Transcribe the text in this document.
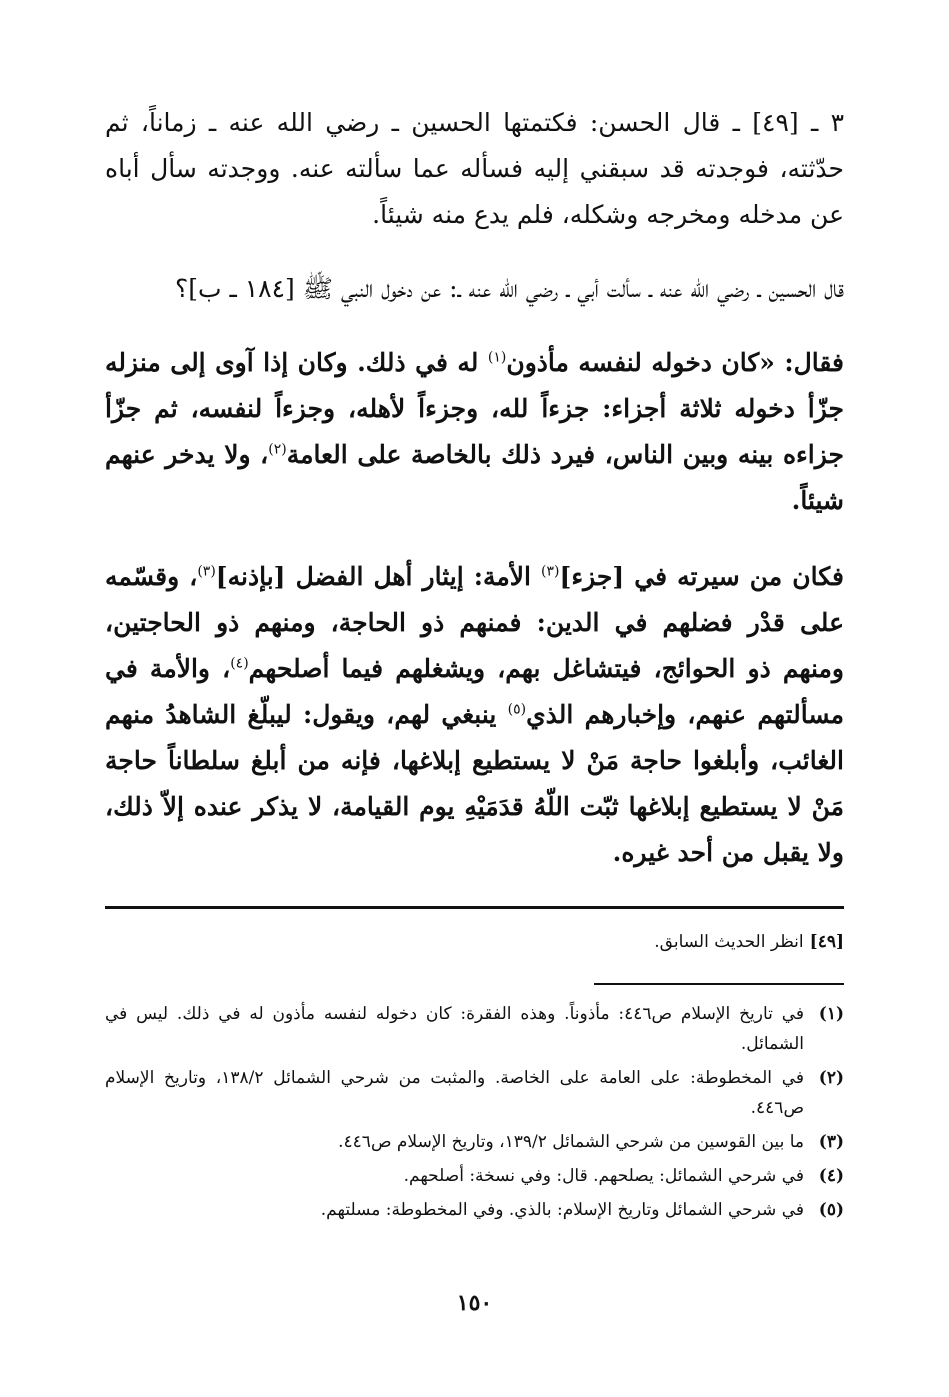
٣ ـ [٤٩] ـ قال الحسن: فكتمتها الحسين ـ رضي الله عنه ـ زماناً، ثم حدّثته، فوجدته قد سبقني إليه فسأله عما سألته عنه. ووجدته سأل أباه عن مدخله ومخرجه وشكله، فلم يدع منه شيئاً.

قال الحسين ـ رضي الله عنه ـ سألت أبي ـ رضي الله عنه ـ: عن دخول النبي ﷺ [١٨٤ ـ ب]؟

فقال: «كان دخوله لنفسه مأذون$^{(١)}$ له في ذلك. وكان إذا آوى إلى منزله جزّأ دخوله ثلاثة أجزاء: جزءاً لله، وجزءاً لأهله، وجزءاً لنفسه، ثم جزّأ جزاءه بينه وبين الناس، فيرد ذلك بالخاصة على العامة$^{(٢)}$، ولا يدخر عنهم شيئاً.

فكان من سيرته في [جزء]$^{(٣)}$ الأمة: إيثار أهل الفضل [بإذنه]$^{(٣)}$، وقسّمه على قدْر فضلهم في الدين: فمنهم ذو الحاجة، ومنهم ذو الحاجتين، ومنهم ذو الحوائج، فيتشاغل بهم، ويشغلهم فيما أصلحهم$^{(٤)}$، والأمة في مسألتهم عنهم، وإخبارهم الذي$^{(٥)}$ ينبغي لهم، ويقول: ليبلّغ الشاهدُ منهم الغائب، وأبلغوا حاجة مَنْ لا يستطيع إبلاغها، فإنه من أبلغ سلطاناً حاجة مَنْ لا يستطيع إبلاغها ثبّت اللّهُ قدَمَيْهِ يوم القيامة، لا يذكر عنده إلاّ ذلك، ولا يقبل من أحد غيره.

[٤٩]انظر الحديث السابق.

(١)
في تاريخ الإسلام ص٤٤٦: مأذوناً. وهذه الفقرة: كان دخوله لنفسه مأذون له في ذلك. ليس في الشمائل.
(٢)
في المخطوطة: على العامة على الخاصة. والمثبت من شرحي الشمائل ١٣٨/٢، وتاريخ الإسلام ص٤٤٦.
(٣)
ما بين القوسين من شرحي الشمائل ١٣٩/٢، وتاريخ الإسلام ص٤٤٦.
(٤)
في شرحي الشمائل: يصلحهم. قال: وفي نسخة: أصلحهم.
(٥)
في شرحي الشمائل وتاريخ الإسلام: بالذي. وفي المخطوطة: مسلتهم.
١٥٠
